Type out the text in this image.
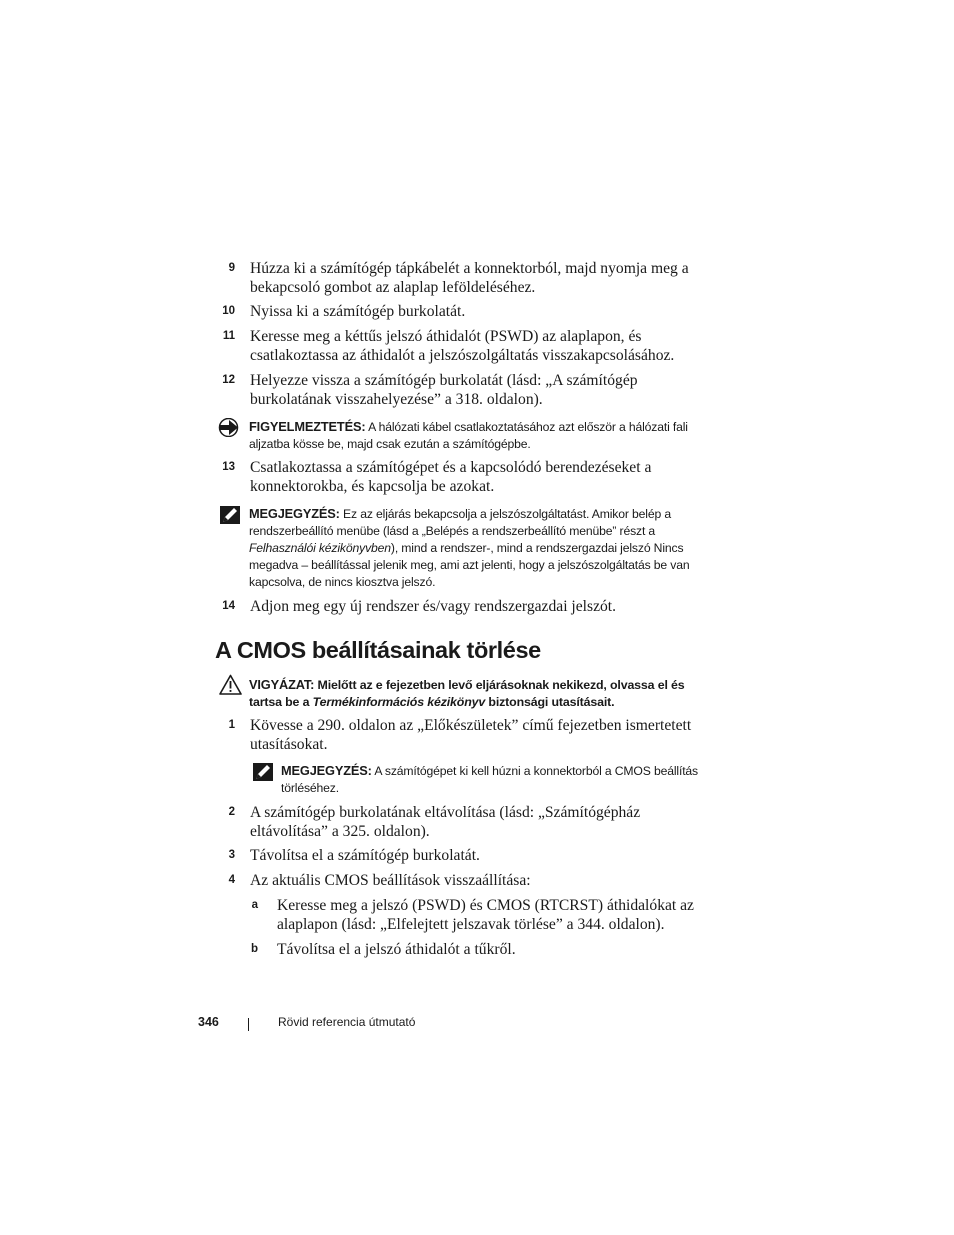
9 Húzza ki a számítógép tápkábelét a konnektorból, majd nyomja meg a bekapcsoló gombot az alaplap leföldeléséhez.
10 Nyissa ki a számítógép burkolatát.
11 Keresse meg a kéttűs jelszó áthidalót (PSWD) az alaplapon, és csatlakoztassa az áthidalót a jelszószolgáltatás visszakapcsolásához.
12 Helyezze vissza a számítógép burkolatát (lásd: „A számítógép burkolatának visszahelyezése” a 318. oldalon).
FIGYELMEZTETÉS: A hálózati kábel csatlakoztatásához azt először a hálózati fali aljzatba kösse be, majd csak ezután a számítógépbe.
13 Csatlakoztassa a számítógépet és a kapcsolódó berendezéseket a konnektorokba, és kapcsolja be azokat.
MEGJEGYZÉS: Ez az eljárás bekapcsolja a jelszószolgáltatást. Amikor belép a rendszerbeállító menübe (lásd a „Belépés a rendszerbeállító menübe” részt a Felhasználói kézikönyvben), mind a rendszer-, mind a rendszergazdai jelszó Nincs megadva – beállítással jelenik meg, ami azt jelenti, hogy a jelszószolgáltatás be van kapcsolva, de nincs kiosztva jelszó.
14 Adjon meg egy új rendszer és/vagy rendszergazdai jelszót.
A CMOS beállításainak törlése
VIGYÁZAT: Mielőtt az e fejezetben levő eljárásoknak nekikezd, olvassa el és tartsa be a Termékinformációs kézikönyv biztonsági utasításait.
1 Kövesse a 290. oldalon az „Előkészületek” című fejezetben ismertetett utasításokat.
MEGJEGYZÉS: A számítógépet ki kell húzni a konnektorból a CMOS beállítás törléséhez.
2 A számítógép burkolatának eltávolítása (lásd: „Számítógépház eltávolítása” a 325. oldalon).
3 Távolítsa el a számítógép burkolatát.
4 Az aktuális CMOS beállítások visszaállítása:
a Keresse meg a jelszó (PSWD) és CMOS (RTCRST) áthidalókat az alaplapon (lásd: „Elfelejtett jelszavak törlése” a 344. oldalon).
b Távolítsa el a jelszó áthidalót a tűkről.
346	Rövid referencia útmutató
